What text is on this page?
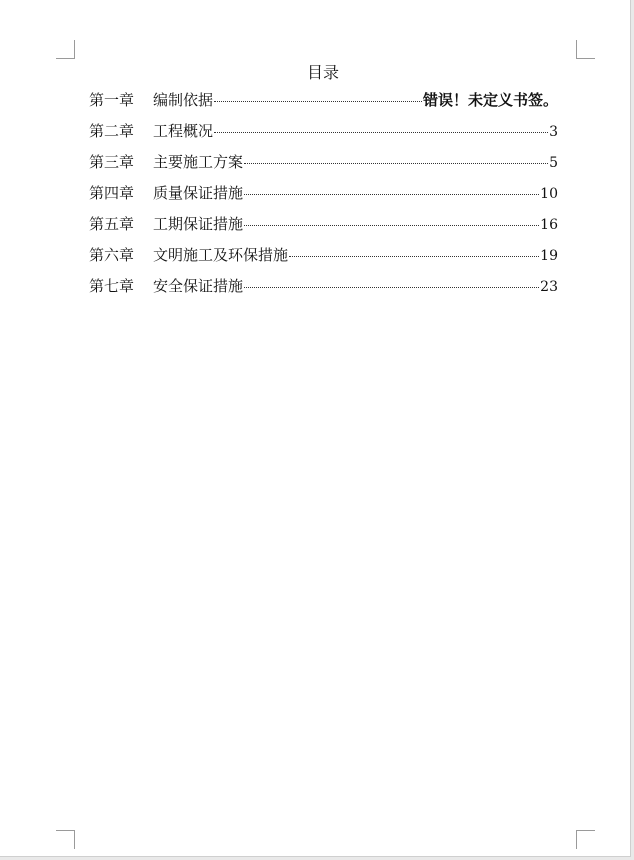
目录
第一章	编制依据	错误！未定义书签。
第二章	工程概况	3
第三章	主要施工方案	5
第四章	质量保证措施	10
第五章	工期保证措施	16
第六章	文明施工及环保措施	19
第七章	安全保证措施	23
